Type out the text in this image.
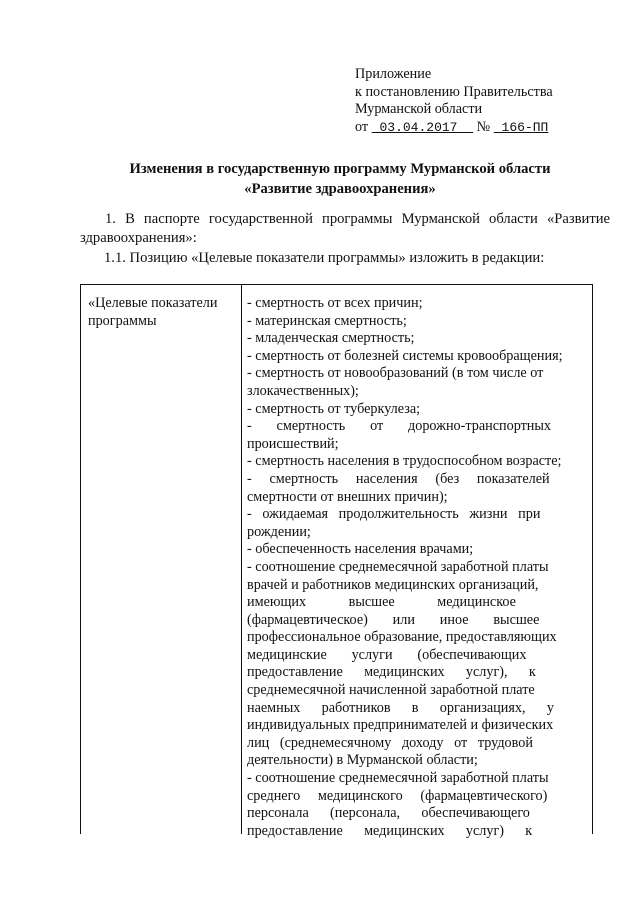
Приложение
к постановлению Правительства
Мурманской области
от 03.04.2017 № 166-ПП
Изменения в государственную программу Мурманской области
«Развитие здравоохранения»
1. В паспорте государственной программы Мурманской области «Развитие здравоохранения»:
1.1. Позицию «Целевые показатели программы» изложить в редакции:
«Целевые показатели
программы
- смертность от всех причин;
- материнская смертность;
- младенческая смертность;
- смертность от болезней системы кровообращения;
- смертность от новообразований (в том числе от
злокачественных);
- смертность от туберкулеза;
-       смертность       от       дорожно-транспортных
происшествий;
- смертность населения в трудоспособном возрасте;
-     смертность     населения     (без     показателей
смертности от внешних причин);
-   ожидаемая   продолжительность   жизни   при
рождении;
- обеспеченность населения врачами;
- соотношение среднемесячной заработной платы
врачей и работников медицинских организаций,
имеющих            высшее            медицинское
(фармацевтическое)       или       иное       высшее
профессиональное образование, предоставляющих
медицинские       услуги       (обеспечивающих
предоставление      медицинских      услуг),      к
среднемесячной начисленной заработной плате
наемных      работников      в      организациях,      у
индивидуальных предпринимателей и физических
лиц   (среднемесячному   доходу   от   трудовой
деятельности) в Мурманской области;
- соотношение среднемесячной заработной платы
среднего     медицинского     (фармацевтического)
персонала      (персонала,      обеспечивающего
предоставление      медицинских      услуг)      к
